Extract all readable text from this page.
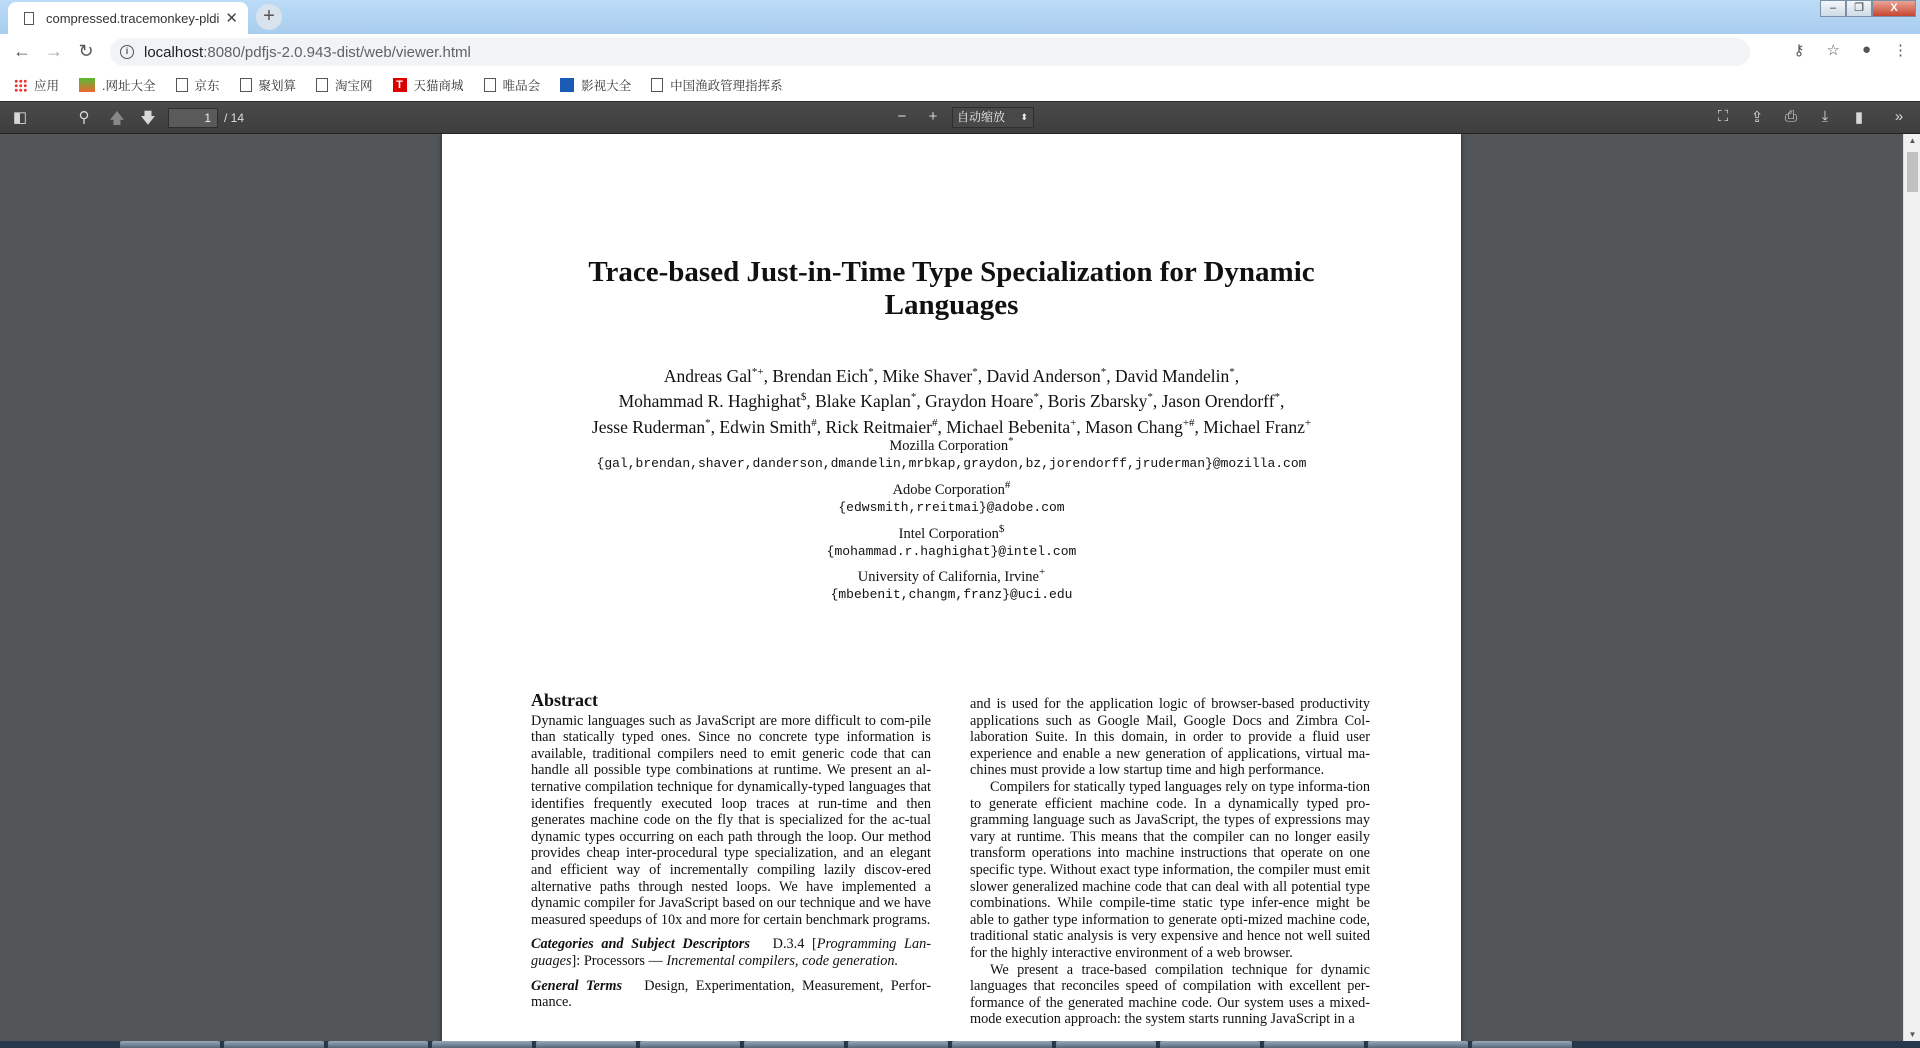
compressed.tracemonkey-pldi ✕	+	–	❐	X
← → ↻	i	localhost :8080/pdfjs-2.0.943-dist/web/viewer.html	⚷ ☆ ● ⋮
应用	.网址大全	京东	聚划算	淘宝网	T 天猫商城	唯品会	影视大全	中国渔政管理指挥系
◧	⚲	🡅 🡇	1	/ 14	−	+	自动缩放 ⬍	⛶	⇪	⎙	⤓	▮	»
Trace-based Just-in-Time Type Specialization for Dynamic
Languages
Andreas Gal*+, Brendan Eich*, Mike Shaver*, David Anderson*, David Mandelin*,
Mohammad R. Haghighat$, Blake Kaplan*, Graydon Hoare*, Boris Zbarsky*, Jason Orendorff*,
Jesse Ruderman*, Edwin Smith#, Rick Reitmaier#, Michael Bebenita+, Mason Chang+#, Michael Franz+
Mozilla Corporation*
{gal,brendan,shaver,danderson,dmandelin,mrbkap,graydon,bz,jorendorff,jruderman}@mozilla.com
Adobe Corporation#
{edwsmith,rreitmai}@adobe.com
Intel Corporation$
{mohammad.r.haghighat}@intel.com
University of California, Irvine+
{mbebenit,changm,franz}@uci.edu
Abstract

Dynamic languages such as JavaScript are more difficult to com-pile than statically typed ones. Since no concrete type information is available, traditional compilers need to emit generic code that can handle all possible type combinations at runtime. We present an al-ternative compilation technique for dynamically-typed languages that identifies frequently executed loop traces at run-time and then generates machine code on the fly that is specialized for the ac-tual dynamic types occurring on each path through the loop. Our method provides cheap inter-procedural type specialization, and an elegant and efficient way of incrementally compiling lazily discov-ered alternative paths through nested loops. We have implemented a dynamic compiler for JavaScript based on our technique and we have measured speedups of 10x and more for certain benchmark programs.

Categories and Subject Descriptors D.3.4 [Programming Lan-guages]: Processors — Incremental compilers, code generation.

General Terms Design, Experimentation, Measurement, Perfor-mance.

and is used for the application logic of browser-based productivity applications such as Google Mail, Google Docs and Zimbra Col-laboration Suite. In this domain, in order to provide a fluid user experience and enable a new generation of applications, virtual ma-chines must provide a low startup time and high performance.

Compilers for statically typed languages rely on type informa-tion to generate efficient machine code. In a dynamically typed pro-gramming language such as JavaScript, the types of expressions may vary at runtime. This means that the compiler can no longer easily transform operations into machine instructions that operate on one specific type. Without exact type information, the compiler must emit slower generalized machine code that can deal with all potential type combinations. While compile-time static type infer-ence might be able to gather type information to generate opti-mized machine code, traditional static analysis is very expensive and hence not well suited for the highly interactive environment of a web browser.

We present a trace-based compilation technique for dynamic languages that reconciles speed of compilation with excellent per-formance of the generated machine code. Our system uses a mixed-mode execution approach: the system starts running JavaScript in a

▲
▼
